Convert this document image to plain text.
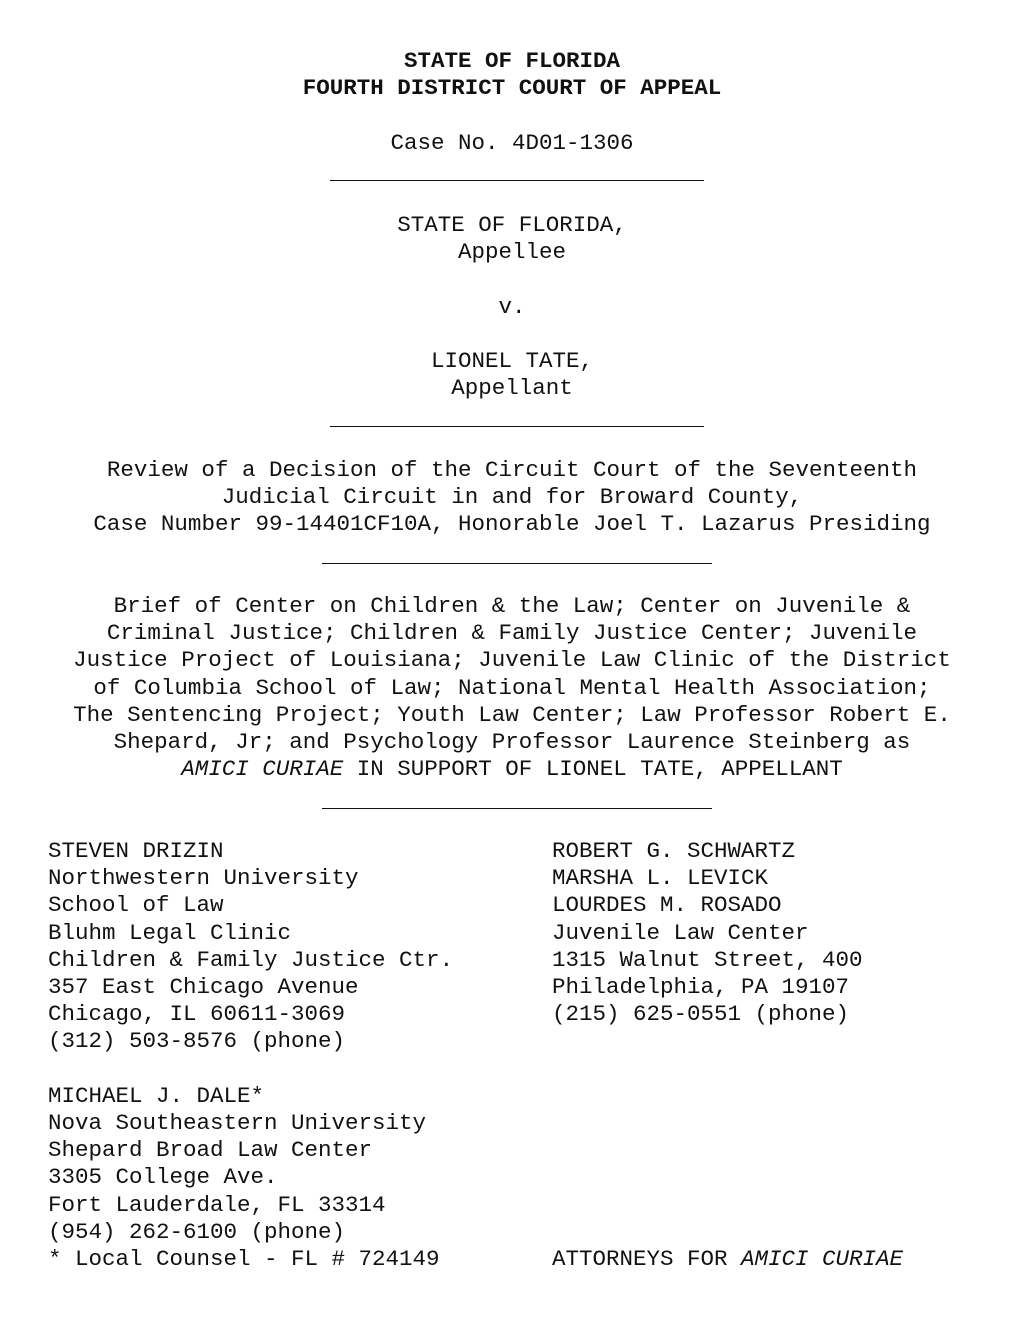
STATE OF FLORIDA
FOURTH DISTRICT COURT OF APPEAL
Case No. 4D01-1306
STATE OF FLORIDA,
Appellee
v.
LIONEL TATE,
Appellant
Review of a Decision of the Circuit Court of the Seventeenth
Judicial Circuit in and for Broward County,
Case Number 99-14401CF10A, Honorable Joel T. Lazarus Presiding
Brief of Center on Children & the Law; Center on Juvenile &
Criminal Justice; Children & Family Justice Center; Juvenile
Justice Project of Louisiana; Juvenile Law Clinic of the District
of Columbia School of Law; National Mental Health Association;
The Sentencing Project; Youth Law Center; Law Professor Robert E.
Shepard, Jr; and Psychology Professor Laurence Steinberg as
AMICI CURIAE IN SUPPORT OF LIONEL TATE, APPELLANT
STEVEN DRIZIN
Northwestern University
School of Law
Bluhm Legal Clinic
Children & Family Justice Ctr.
357 East Chicago Avenue
Chicago, IL 60611-3069
(312) 503-8576 (phone)

MICHAEL J. DALE*
Nova Southeastern University
Shepard Broad Law Center
3305 College Ave.
Fort Lauderdale, FL 33314
(954) 262-6100 (phone)
* Local Counsel - FL # 724149
ROBERT G. SCHWARTZ
MARSHA L. LEVICK
LOURDES M. ROSADO
Juvenile Law Center
1315 Walnut Street, 400
Philadelphia, PA 19107
(215) 625-0551 (phone)
ATTORNEYS FOR AMICI CURIAE
